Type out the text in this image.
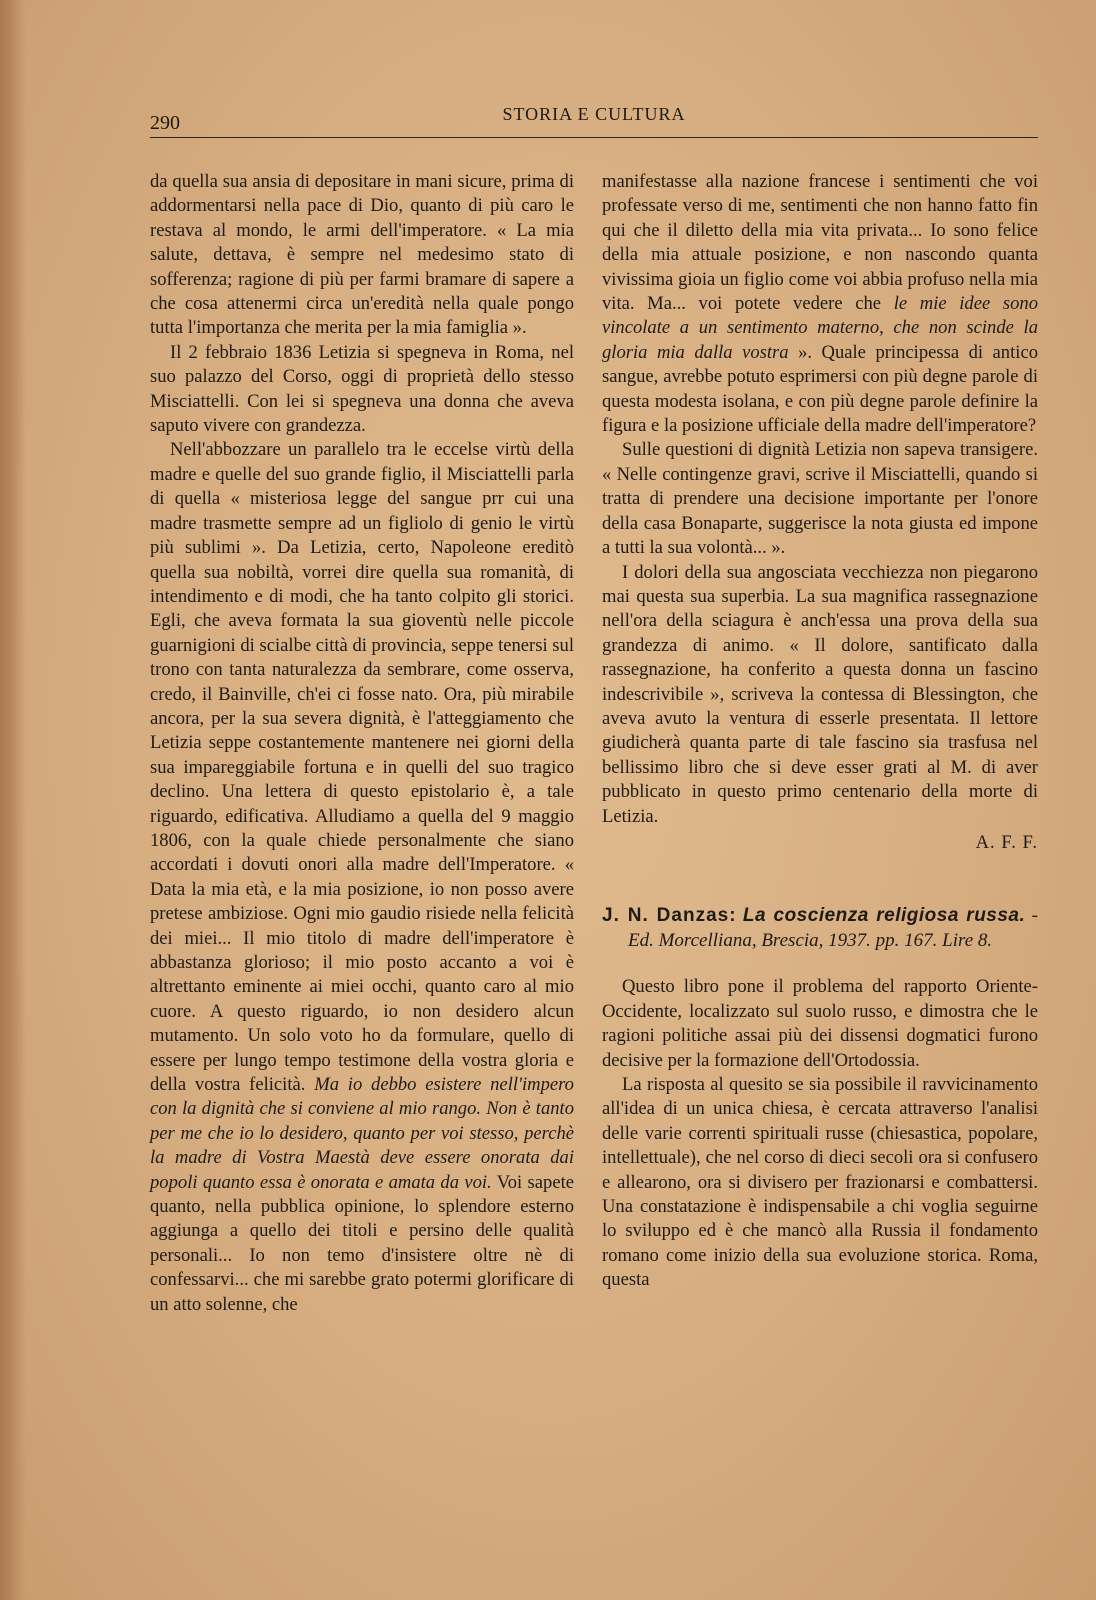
290	STORIA E CULTURA

da quella sua ansia di depositare in mani sicure, prima di addormentarsi nella pace di Dio, quanto di più caro le restava al mondo, le armi dell'imperatore. « La mia salute, dettava, è sempre nel medesimo stato di sofferenza; ragione di più per farmi bramare di sapere a che cosa attenermi circa un'eredità nella quale pongo tutta l'importanza che merita per la mia famiglia ».

Il 2 febbraio 1836 Letizia si spegneva in Roma, nel suo palazzo del Corso, oggi di proprietà dello stesso Misciattelli. Con lei si spegneva una donna che aveva saputo vivere con grandezza.

Nell'abbozzare un parallelo tra le eccelse virtù della madre e quelle del suo grande figlio, il Misciattelli parla di quella « misteriosa legge del sangue prr cui una madre trasmette sempre ad un figliolo di genio le virtù più sublimi ». Da Letizia, certo, Napoleone ereditò quella sua nobiltà, vorrei dire quella sua romanità, di intendimento e di modi, che ha tanto colpito gli storici. Egli, che aveva formata la sua gioventù nelle piccole guarnigioni di scialbe città di provincia, seppe tenersi sul trono con tanta naturalezza da sembrare, come osserva, credo, il Bainville, ch'ei ci fosse nato. Ora, più mirabile ancora, per la sua severa dignità, è l'atteggiamento che Letizia seppe costantemente mantenere nei giorni della sua impareggiabile fortuna e in quelli del suo tragico declino. Una lettera di questo epistolario è, a tale riguardo, edificativa. Alludiamo a quella del 9 maggio 1806, con la quale chiede personalmente che siano accordati i dovuti onori alla madre dell'Imperatore. « Data la mia età, e la mia posizione, io non posso avere pretese ambiziose. Ogni mio gaudio risiede nella felicità dei miei... Il mio titolo di madre dell'imperatore è abbastanza glorioso; il mio posto accanto a voi è altrettanto eminente ai miei occhi, quanto caro al mio cuore. A questo riguardo, io non desidero alcun mutamento. Un solo voto ho da formulare, quello di essere per lungo tempo testimone della vostra gloria e della vostra felicità. Ma io debbo esistere nell'impero con la dignità che si conviene al mio rango. Non è tanto per me che io lo desidero, quanto per voi stesso, perchè la madre di Vostra Maestà deve essere onorata dai popoli quanto essa è onorata e amata da voi. Voi sapete quanto, nella pubblica opinione, lo splendore esterno aggiunga a quello dei titoli e persino delle qualità personali... Io non temo d'insistere oltre nè di confessarvi... che mi sarebbe grato potermi glorificare di un atto solenne, che

manifestasse alla nazione francese i sentimenti che voi professate verso di me, sentimenti che non hanno fatto fin qui che il diletto della mia vita privata... Io sono felice della mia attuale posizione, e non nascondo quanta vivissima gioia un figlio come voi abbia profuso nella mia vita. Ma... voi potete vedere che le mie idee sono vincolate a un sentimento materno, che non scinde la gloria mia dalla vostra ». Quale principessa di antico sangue, avrebbe potuto esprimersi con più degne parole di questa modesta isolana, e con più degne parole definire la figura e la posizione ufficiale della madre dell'imperatore?

Sulle questioni di dignità Letizia non sapeva transigere. « Nelle contingenze gravi, scrive il Misciattelli, quando si tratta di prendere una decisione importante per l'onore della casa Bonaparte, suggerisce la nota giusta ed impone a tutti la sua volontà... ».

I dolori della sua angosciata vecchiezza non piegarono mai questa sua superbia. La sua magnifica rassegnazione nell'ora della sciagura è anch'essa una prova della sua grandezza di animo. « Il dolore, santificato dalla rassegnazione, ha conferito a questa donna un fascino indescrivibile », scriveva la contessa di Blessington, che aveva avuto la ventura di esserle presentata. Il lettore giudicherà quanta parte di tale fascino sia trasfusa nel bellissimo libro che si deve esser grati al M. di aver pubblicato in questo primo centenario della morte di Letizia.

A. F. F.

J. N. Danzas: La coscienza religiosa russa. - Ed. Morcelliana, Brescia, 1937. pp. 167. Lire 8.

Questo libro pone il problema del rapporto Oriente-Occidente, localizzato sul suolo russo, e dimostra che le ragioni politiche assai più dei dissensi dogmatici furono decisive per la formazione dell'Ortodossia.

La risposta al quesito se sia possibile il ravvicinamento all'idea di un unica chiesa, è cercata attraverso l'analisi delle varie correnti spirituali russe (chiesastica, popolare, intellettuale), che nel corso di dieci secoli ora si confusero e allearono, ora si divisero per frazionarsi e combattersi. Una constatazione è indispensabile a chi voglia seguirne lo sviluppo ed è che mancò alla Russia il fondamento romano come inizio della sua evoluzione storica. Roma, questa
